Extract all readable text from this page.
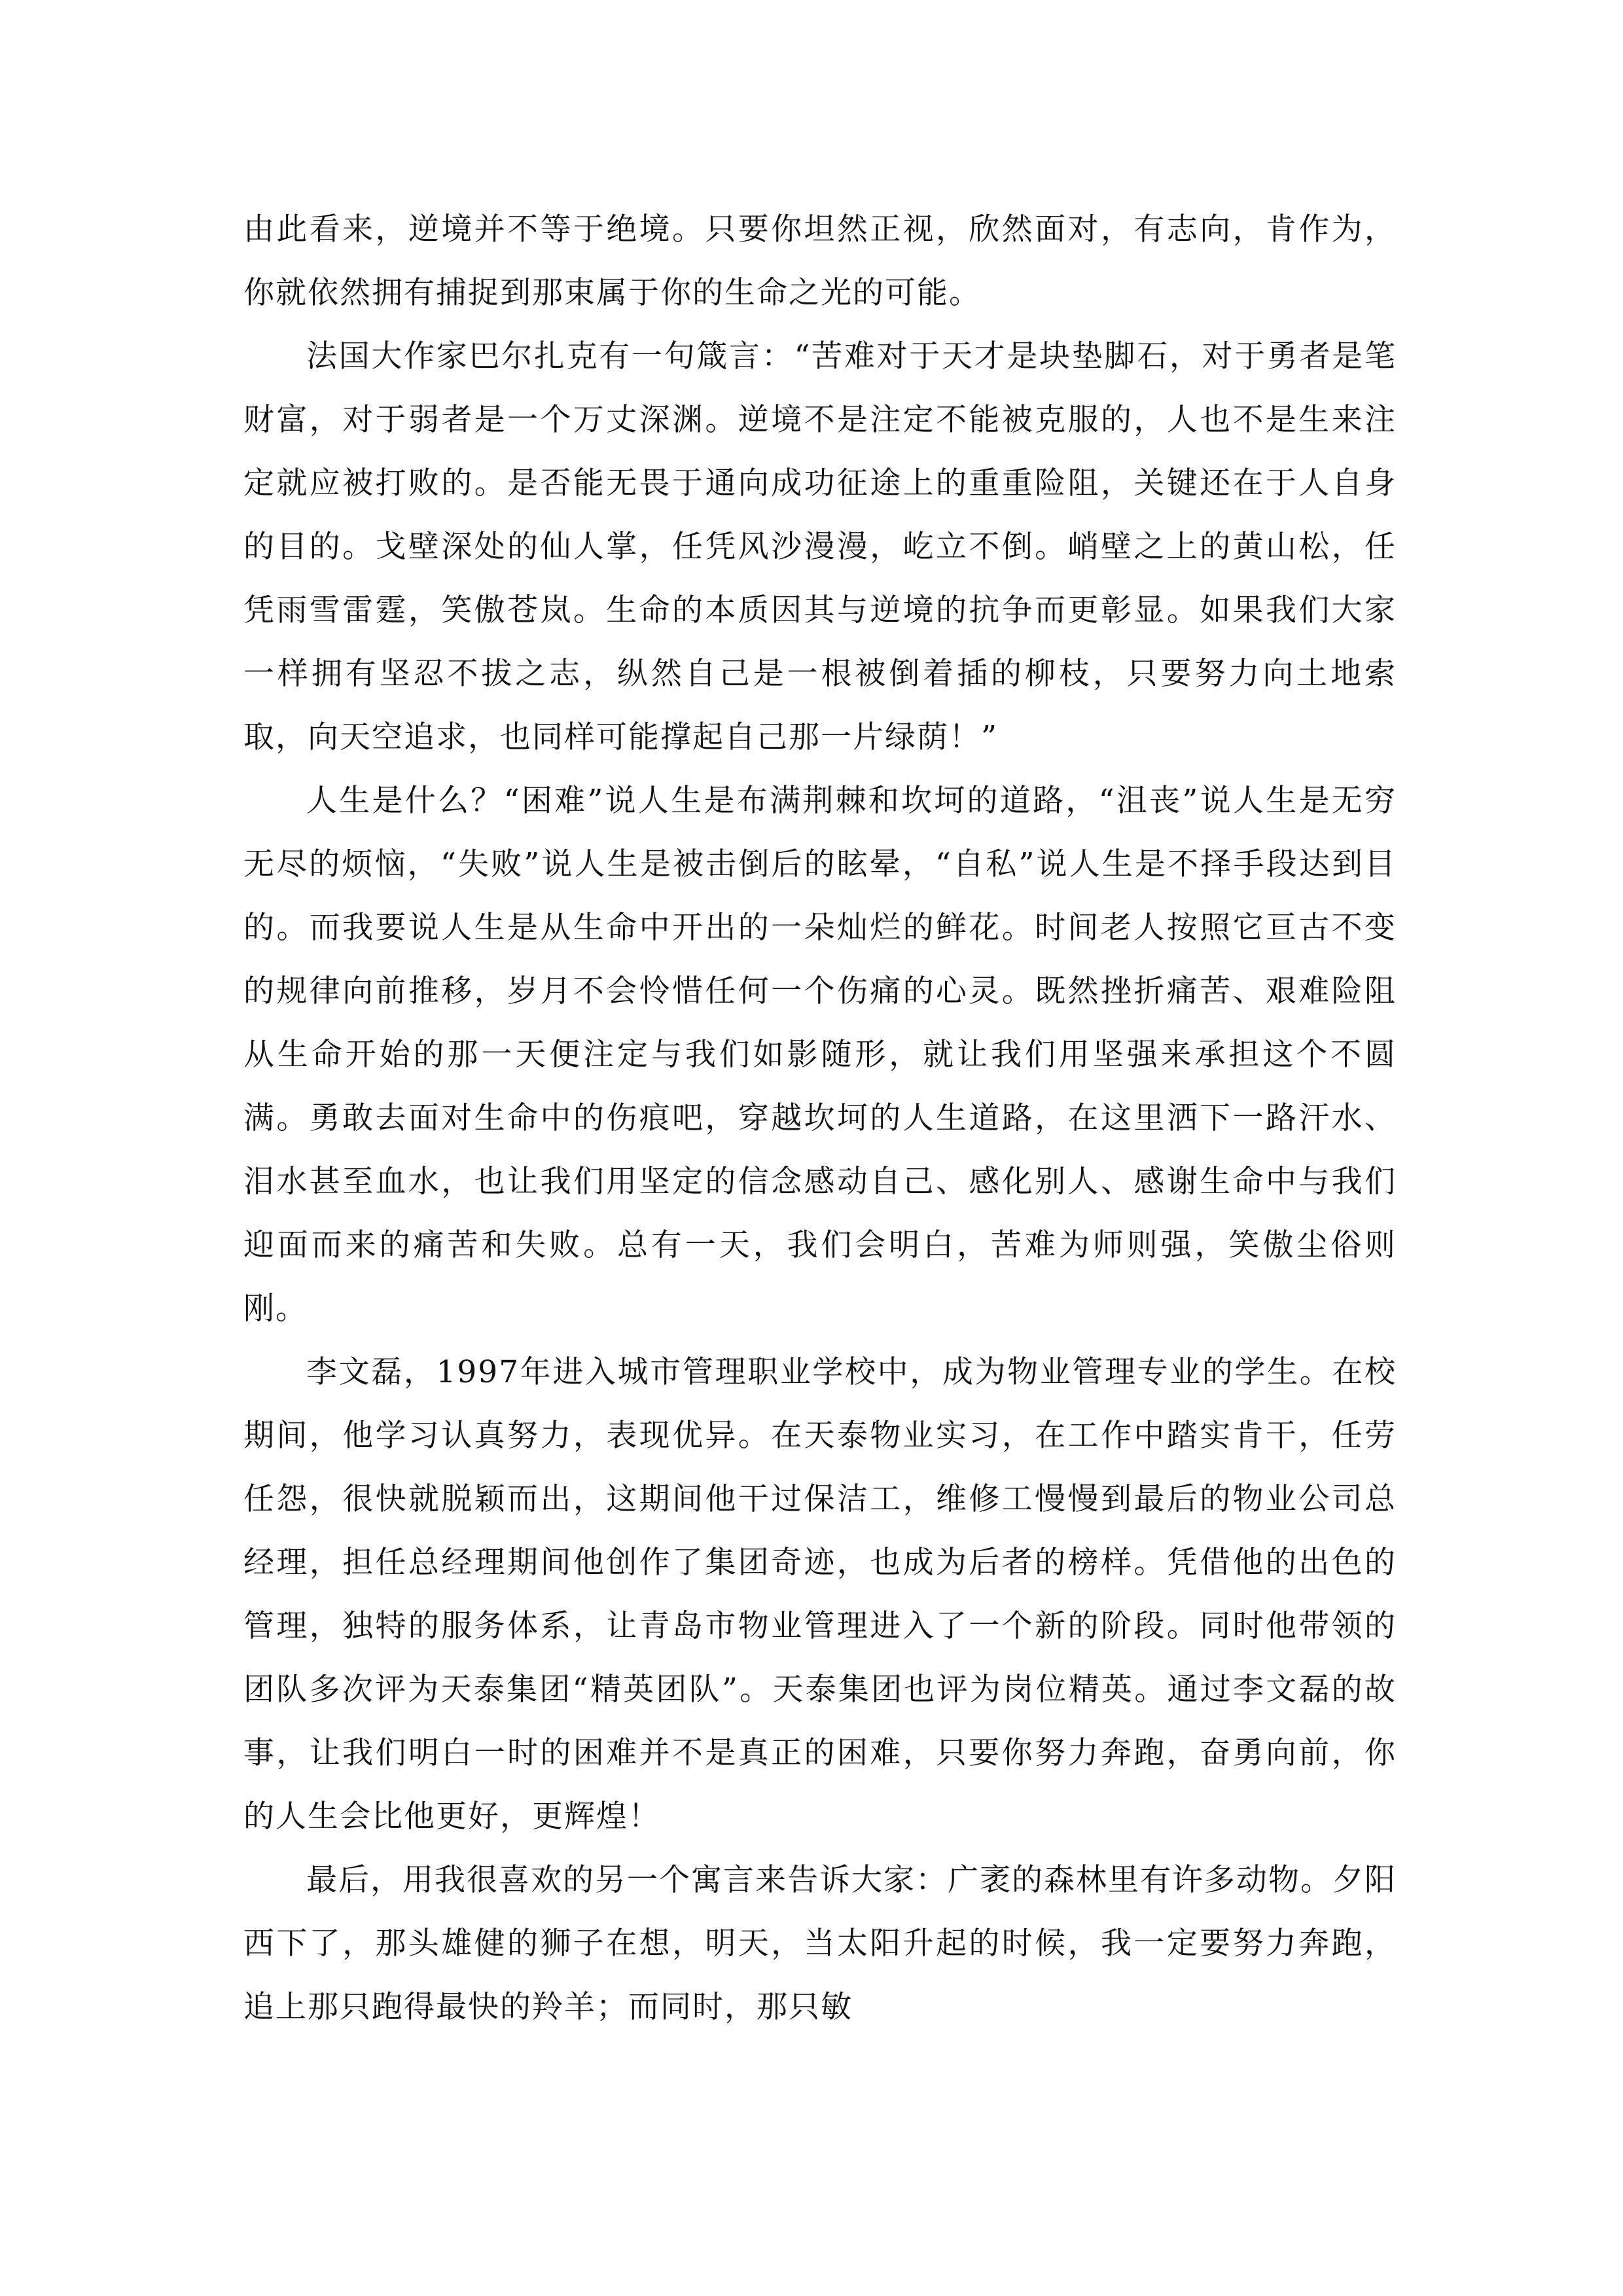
由此看来，逆境并不等于绝境。只要你坦然正视，欣然面对，有志向，肯作为，你就依然拥有捕捉到那束属于你的生命之光的可能。

法国大作家巴尔扎克有一句箴言：“苦难对于天才是块垫脚石，对于勇者是笔财富，对于弱者是一个万丈深渊。逆境不是注定不能被克服的，人也不是生来注定就应被打败的。是否能无畏于通向成功征途上的重重险阻，关键还在于人自身的目的。戈壁深处的仙人掌，任凭风沙漫漫，屹立不倒。峭壁之上的黄山松，任凭雨雪雷霆，笑傲苍岚。生命的本质因其与逆境的抗争而更彰显。如果我们大家一样拥有坚忍不拔之志，纵然自己是一根被倒着插的柳枝，只要努力向土地索取，向天空追求，也同样可能撑起自己那一片绿荫！”

人生是什么？“困难”说人生是布满荆棘和坎坷的道路，“沮丧”说人生是无穷无尽的烦恼，“失败”说人生是被击倒后的眩晕，“自私”说人生是不择手段达到目的。而我要说人生是从生命中开出的一朵灿烂的鲜花。时间老人按照它亘古不变的规律向前推移，岁月不会怜惜任何一个伤痛的心灵。既然挫折痛苦、艰难险阻从生命开始的那一天便注定与我们如影随形，就让我们用坚强来承担这个不圆满。勇敢去面对生命中的伤痕吧，穿越坎坷的人生道路，在这里洒下一路汗水、泪水甚至血水，也让我们用坚定的信念感动自己、感化别人、感谢生命中与我们迎面而来的痛苦和失败。总有一天，我们会明白，苦难为师则强，笑傲尘俗则刚。

李文磊，1997年进入城市管理职业学校中，成为物业管理专业的学生。在校期间，他学习认真努力，表现优异。在天泰物业实习，在工作中踏实肯干，任劳任怨，很快就脱颖而出，这期间他干过保洁工，维修工慢慢到最后的物业公司总经理，担任总经理期间他创作了集团奇迹，也成为后者的榜样。凭借他的出色的管理，独特的服务体系，让青岛市物业管理进入了一个新的阶段。同时他带领的团队多次评为天泰集团“精英团队”。天泰集团也评为岗位精英。通过李文磊的故事，让我们明白一时的困难并不是真正的困难，只要你努力奔跑，奋勇向前，你的人生会比他更好，更辉煌！

最后，用我很喜欢的另一个寓言来告诉大家：广袤的森林里有许多动物。夕阳西下了，那头雄健的狮子在想，明天，当太阳升起的时候，我一定要努力奔跑，追上那只跑得最快的羚羊；而同时，那只敏
